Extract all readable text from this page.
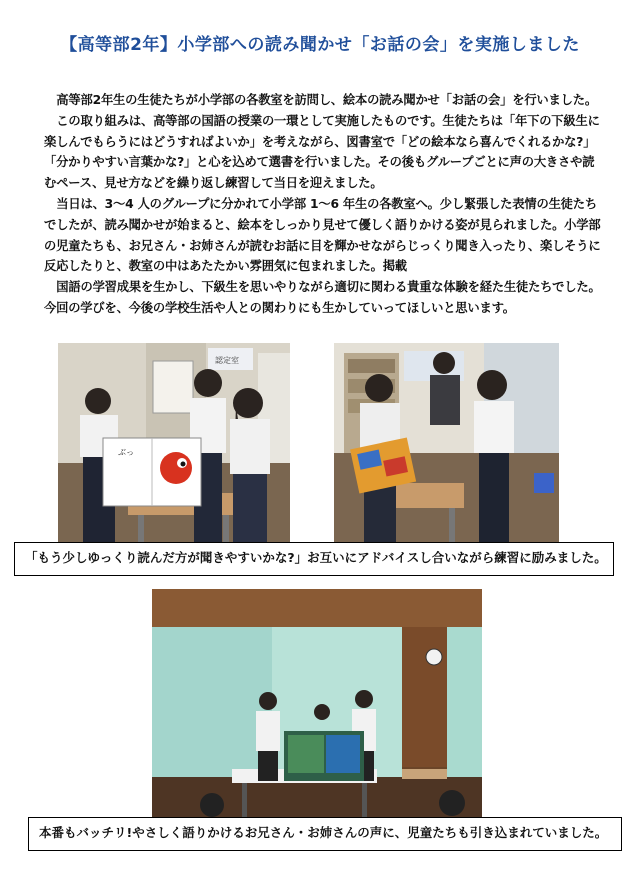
【高等部2年】小学部への読み聞かせ「お話の会」を実施しました

高等部2年生の生徒たちが小学部の各教室を訪問し、絵本の読み聞かせ「お話の会」を行いました。

この取り組みは、高等部の国語の授業の一環として実施したものです。生徒たちは「年下の下級生に楽しんでもらうにはどうすればよいか」を考えながら、図書室で「どの絵本なら喜んでくれるかな?」「分かりやすい言葉かな?」と心を込めて選書を行いました。その後もグループごとに声の大きさや読むペース、見せ方などを繰り返し練習して当日を迎えました。

当日は、3～4 人のグループに分かれて小学部 1～6 年生の各教室へ。少し緊張した表情の生徒たちでしたが、読み聞かせが始まると、絵本をしっかり見せて優しく語りかける姿が見られました。小学部の児童たちも、お兄さん・お姉さんが読むお話に目を輝かせながらじっくり聞き入ったり、楽しそうに反応したりと、教室の中はあたたかい雰囲気に包まれました。掲載

国語の学習成果を生かし、下級生を思いやりながら適切に関わる貴重な体験を経た生徒たちでした。今回の学びを、今後の学校生活や人との関わりにも生かしていってほしいと思います。

認定室
ぶっ
「もう少しゆっくり読んだ方が聞きやすいかな?」お互いにアドバイスし合いながら練習に励みました。
本番もバッチリ!やさしく語りかけるお兄さん・お姉さんの声に、児童たちも引き込まれていました。
